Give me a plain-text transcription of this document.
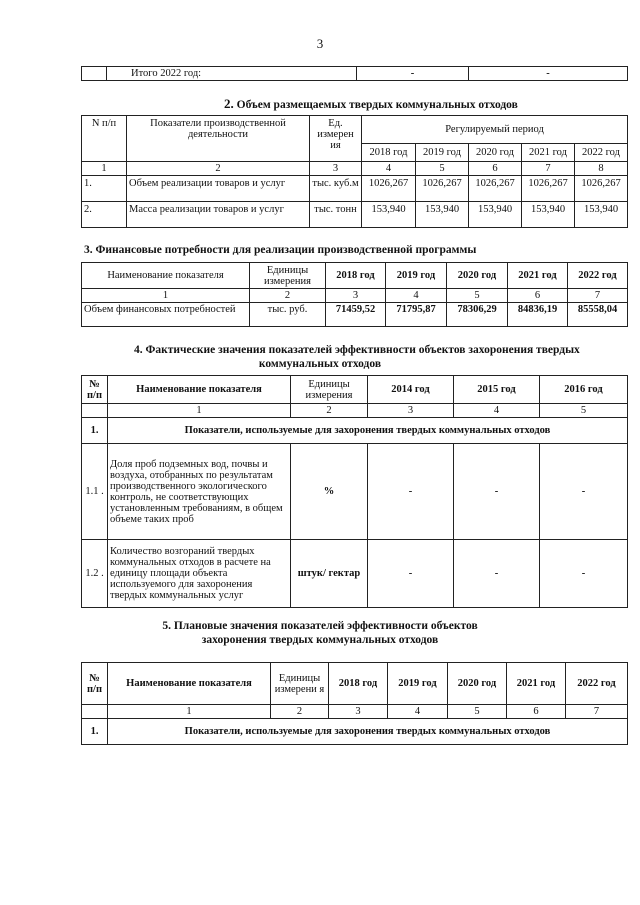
3
	Итого 2022 год:	-	-
2. Объем размещаемых твердых коммунальных отходов
N п/п	Показатели производственной деятельности	Ед. измерен ия	Регулируемый период				
			2018 год	2019 год	2020 год	2021 год	2022 год
1	2	3	4	5	6	7	8
1.	Объем реализации товаров и услуг	тыс. куб.м	1026,267	1026,267	1026,267	1026,267	1026,267
2.	Масса реализации товаров и услуг	тыс. тонн	153,940	153,940	153,940	153,940	153,940
3. Финансовые потребности для реализации производственной программы
Наименование показателя	Единицы измерения	2018 год	2019 год	2020 год	2021 год	2022 год
1	2	3	4	5	6	7
Объем финансовых потребностей	тыс. руб.	71459,52	71795,87	78306,29	84836,19	85558,04
4. Фактические значения показателей эффективности объектов захоронения твердых
коммунальных отходов
№ п/п	Наименование показателя	Единицы измерения	2014 год	2015 год	2016 год
	1	2	3	4	5
1.	Показатели, используемые для захоронения твердых коммунальных отходов				
1.1 .	Доля проб подземных вод, почвы и воздуха, отобранных по результатам производственного экологического контроль, не соответствующих установленным требованиям, в общем объеме таких проб	%	-	-	-
1.2 .	Количество возгораний твердых коммунальных отходов в расчете на единицу площади объекта используемого для захоронения твердых коммунальных услуг	штук/ гектар	-	-	-
5. Плановые значения показателей эффективности объектов
захоронения твердых коммунальных отходов
№ п/п	Наименование показателя	Единицы измерени я	2018 год	2019 год	2020 год	2021 год	2022 год
	1	2	3	4	5	6	7
1.	Показатели, используемые для захоронения твердых коммунальных отходов						
